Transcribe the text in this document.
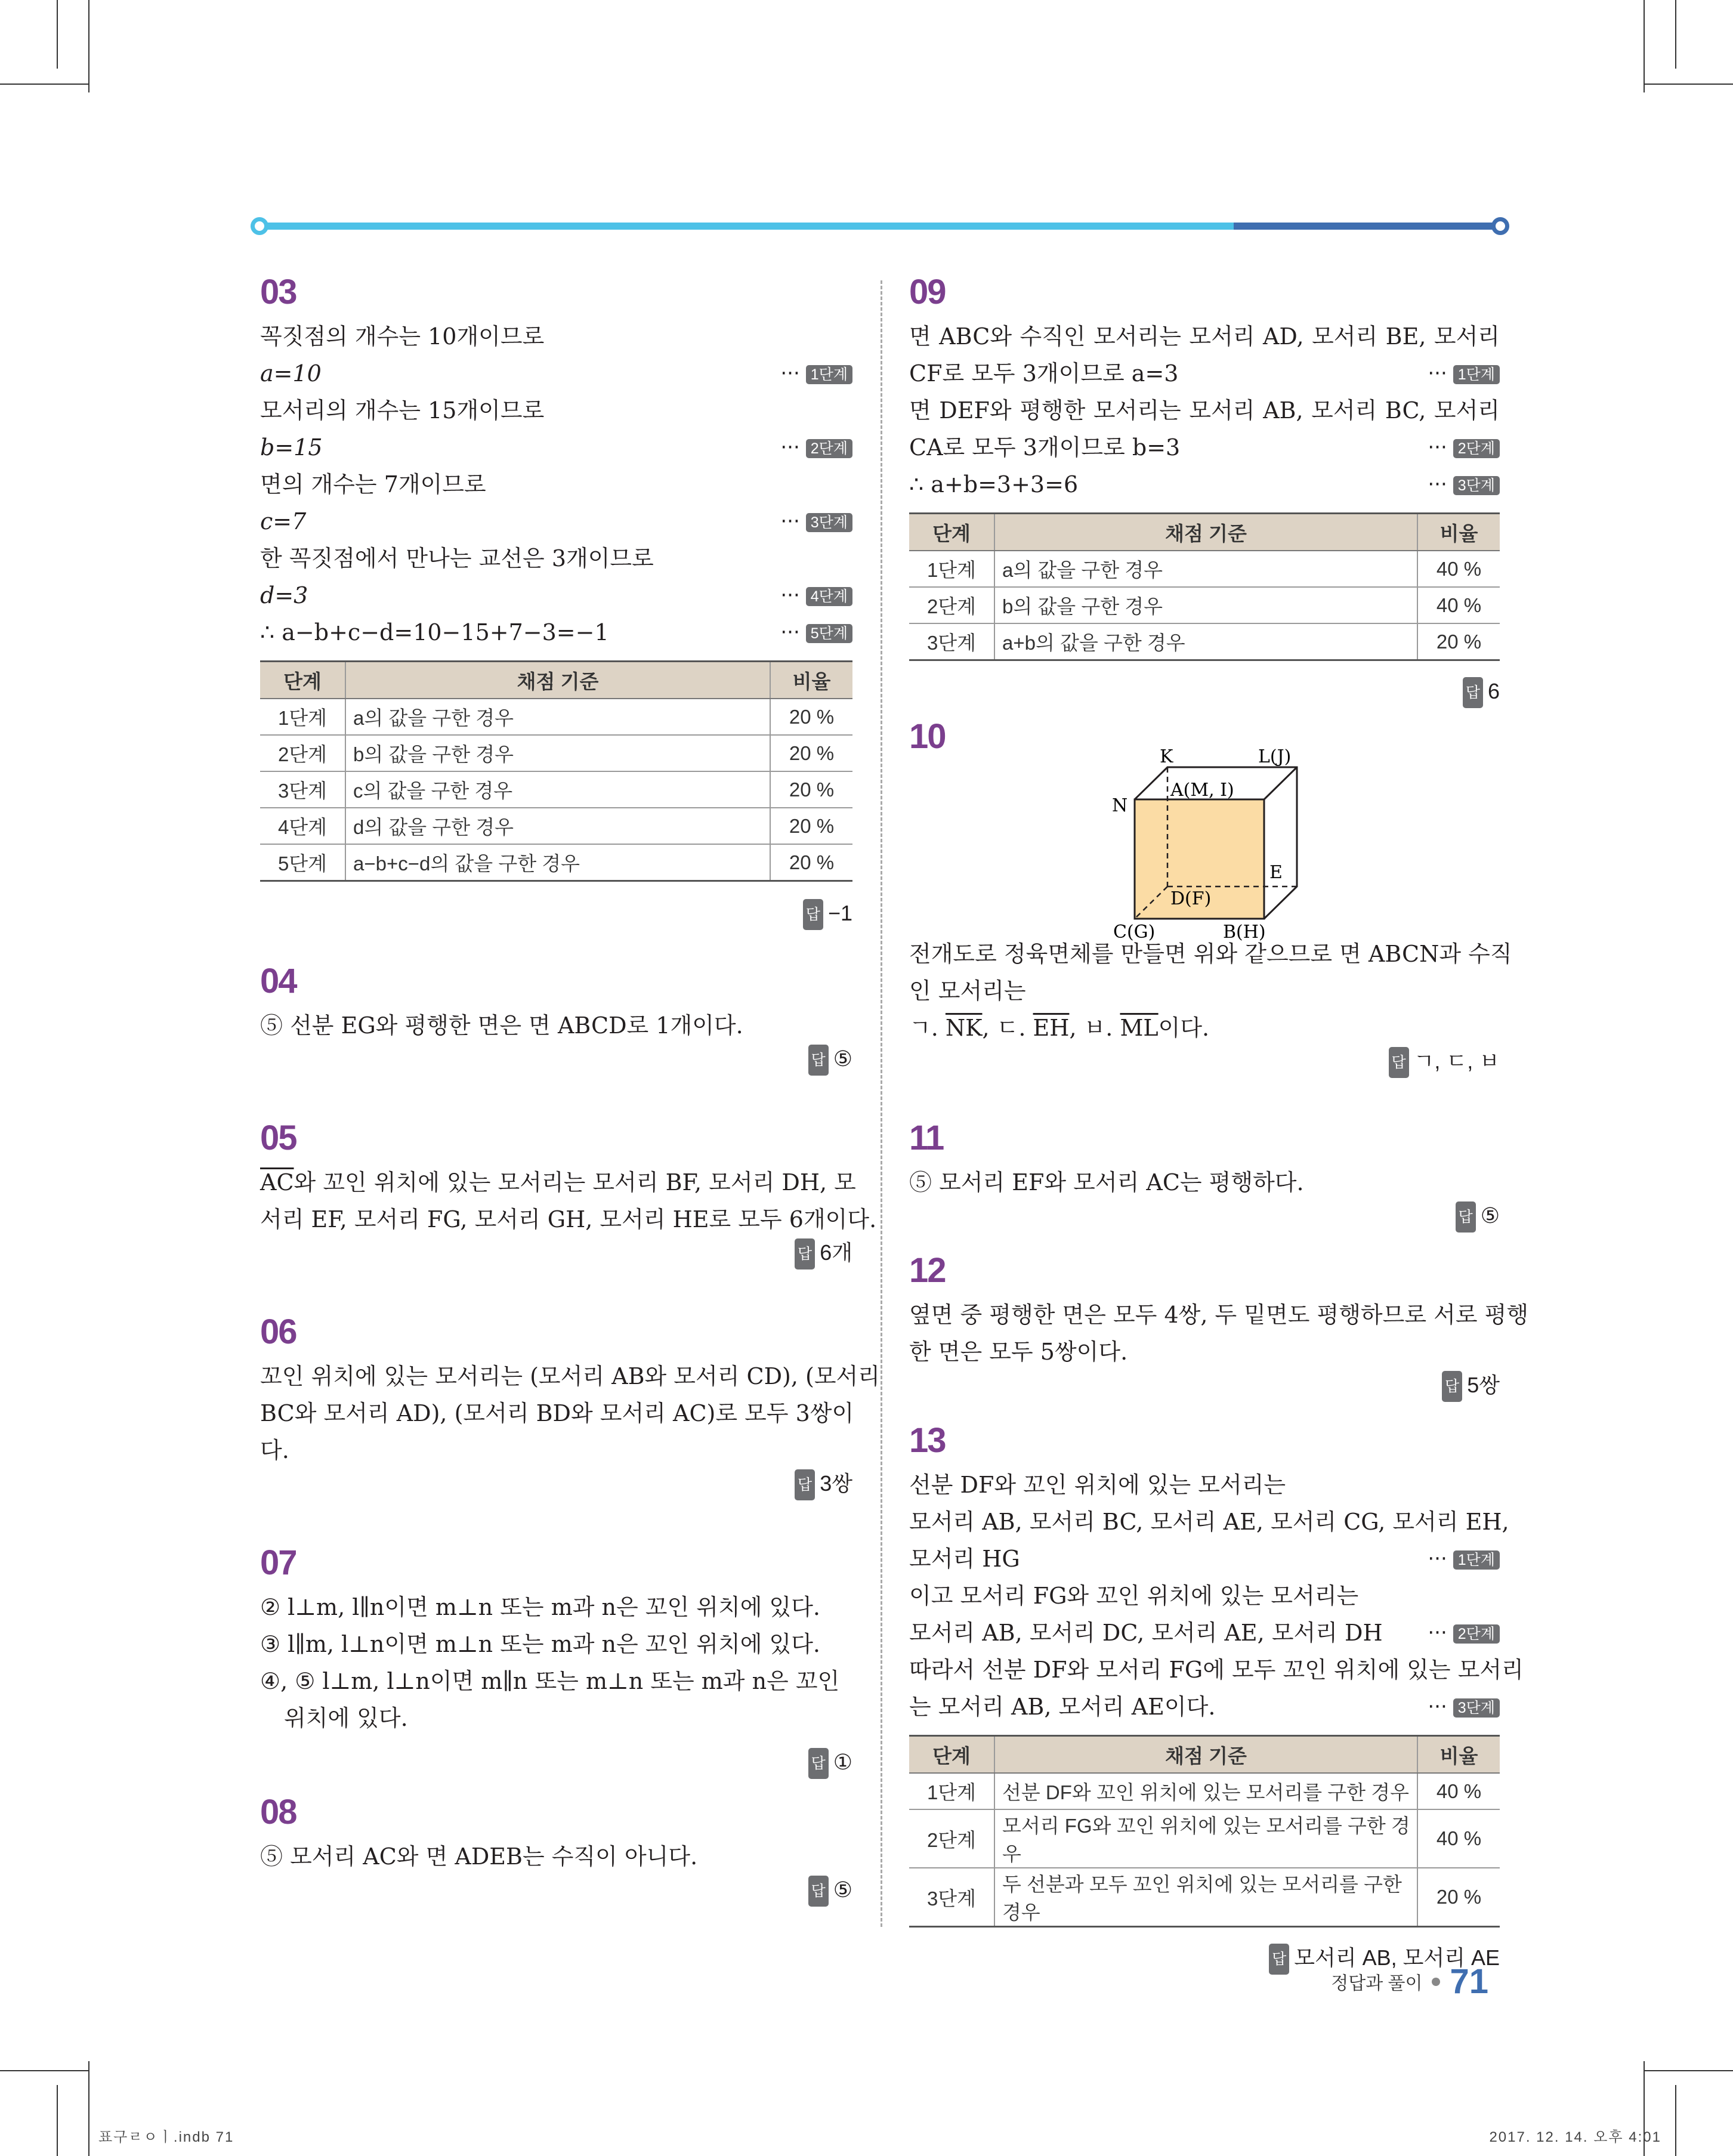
03
꼭짓점의 개수는 10개이므로
a=10	··· 1단계
모서리의 개수는 15개이므로
b=15	··· 2단계
면의 개수는 7개이므로
c=7	··· 3단계
한 꼭짓점에서 만나는 교선은 3개이므로
d=3	··· 4단계
∴ a−b+c−d=10−15+7−3=−1	··· 5단계
단계	채점 기준	비율
1단계	a의 값을 구한 경우	20 %
2단계	b의 값을 구한 경우	20 %
3단계	c의 값을 구한 경우	20 %
4단계	d의 값을 구한 경우	20 %
5단계	a−b+c−d의 값을 구한 경우	20 %
답 −1
04
⑤ 선분 EG와 평행한 면은 면 ABCD로 1개이다.
답 ⑤
05
$\overline{AC}$와 꼬인 위치에 있는 모서리는 모서리 BF, 모서리 DH, 모
서리 EF, 모서리 FG, 모서리 GH, 모서리 HE로 모두 6개이다.
답 6개
06
꼬인 위치에 있는 모서리는 (모서리 AB와 모서리 CD), (모서리
BC와 모서리 AD), (모서리 BD와 모서리 AC)로 모두 3쌍이
다.
답 3쌍
07
② l⊥m, l∥n이면 m⊥n 또는 m과 n은 꼬인 위치에 있다.
③ l∥m, l⊥n이면 m⊥n 또는 m과 n은 꼬인 위치에 있다.
④, ⑤ l⊥m, l⊥n이면 m∥n 또는 m⊥n 또는 m과 n은 꼬인
위치에 있다.
답 ①
08
⑤ 모서리 AC와 면 ADEB는 수직이 아니다.
답 ⑤
09
면 ABC와 수직인 모서리는 모서리 AD, 모서리 BE, 모서리
CF로 모두 3개이므로 a=3	··· 1단계
면 DEF와 평행한 모서리는 모서리 AB, 모서리 BC, 모서리
CA로 모두 3개이므로 b=3	··· 2단계
∴ a+b=3+3=6	··· 3단계
단계	채점 기준	비율
1단계	a의 값을 구한 경우	40 %
2단계	b의 값을 구한 경우	40 %
3단계	a+b의 값을 구한 경우	20 %
답 6
10
K	L(J)
A(M, I)
N
E
D(F)
C(G)	B(H)
전개도로 정육면체를 만들면 위와 같으므로 면 ABCN과 수직
인 모서리는
ㄱ. $\overline{NK}$, ㄷ. $\overline{EH}$, ㅂ. $\overline{ML}$이다.
답 ㄱ, ㄷ, ㅂ
11
⑤ 모서리 EF와 모서리 AC는 평행하다.
답 ⑤
12
옆면 중 평행한 면은 모두 4쌍, 두 밑면도 평행하므로 서로 평행
한 면은 모두 5쌍이다.
답 5쌍
13
선분 DF와 꼬인 위치에 있는 모서리는
모서리 AB, 모서리 BC, 모서리 AE, 모서리 CG, 모서리 EH,
모서리 HG	··· 1단계
이고 모서리 FG와 꼬인 위치에 있는 모서리는
모서리 AB, 모서리 DC, 모서리 AE, 모서리 DH ··· 2단계
따라서 선분 DF와 모서리 FG에 모두 꼬인 위치에 있는 모서리
는 모서리 AB, 모서리 AE이다.	··· 3단계
단계	채점 기준	비율
1단계	선분 DF와 꼬인 위치에 있는 모서리를 구한 경우	40 %
2단계	모서리 FG와 꼬인 위치에 있는 모서리를 구한 경우	40 %
3단계	두 선분과 모두 꼬인 위치에 있는 모서리를 구한 경우	20 %
답 모서리 AB, 모서리 AE
정답과 풀이 71
표구ㄹㅇㅣ.indb 71	2017. 12. 14. 오후 4:01
